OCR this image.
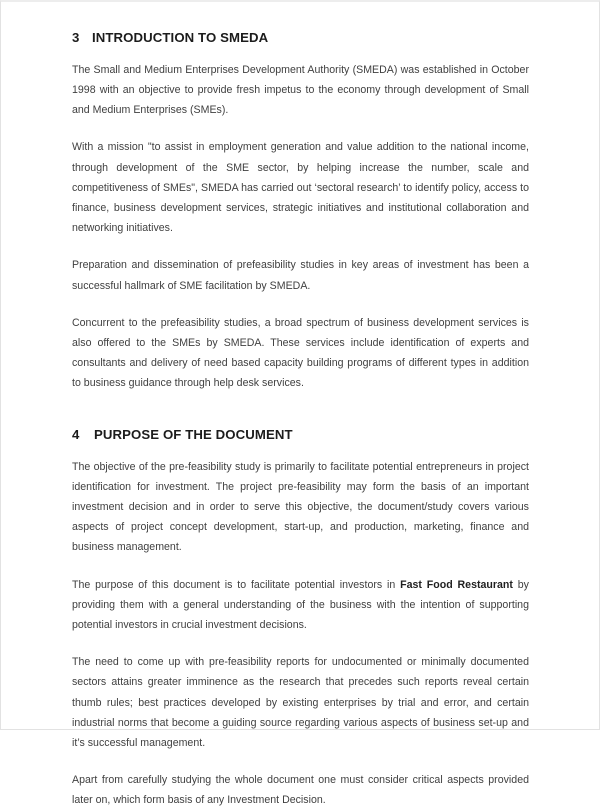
3 INTRODUCTION TO SMEDA

The Small and Medium Enterprises Development Authority (SMEDA) was established in October 1998 with an objective to provide fresh impetus to the economy through development of Small and Medium Enterprises (SMEs).

With a mission "to assist in employment generation and value addition to the national income, through development of the SME sector, by helping increase the number, scale and competitiveness of SMEs", SMEDA has carried out ‘sectoral research’ to identify policy, access to finance, business development services, strategic initiatives and institutional collaboration and networking initiatives.

Preparation and dissemination of prefeasibility studies in key areas of investment has been a successful hallmark of SME facilitation by SMEDA.

Concurrent to the prefeasibility studies, a broad spectrum of business development services is also offered to the SMEs by SMEDA. These services include identification of experts and consultants and delivery of need based capacity building programs of different types in addition to business guidance through help desk services.

4	PURPOSE OF THE DOCUMENT

The objective of the pre-feasibility study is primarily to facilitate potential entrepreneurs in project identification for investment. The project pre-feasibility may form the basis of an important investment decision and in order to serve this objective, the document/study covers various aspects of project concept development, start-up, and production, marketing, finance and business management.

The purpose of this document is to facilitate potential investors in Fast Food Restaurant by providing them with a general understanding of the business with the intention of supporting potential investors in crucial investment decisions.

The need to come up with pre-feasibility reports for undocumented or minimally documented sectors attains greater imminence as the research that precedes such reports reveal certain thumb rules; best practices developed by existing enterprises by trial and error, and certain industrial norms that become a guiding source regarding various aspects of business set-up and it’s successful management.

Apart from carefully studying the whole document one must consider critical aspects provided later on, which form basis of any Investment Decision.
